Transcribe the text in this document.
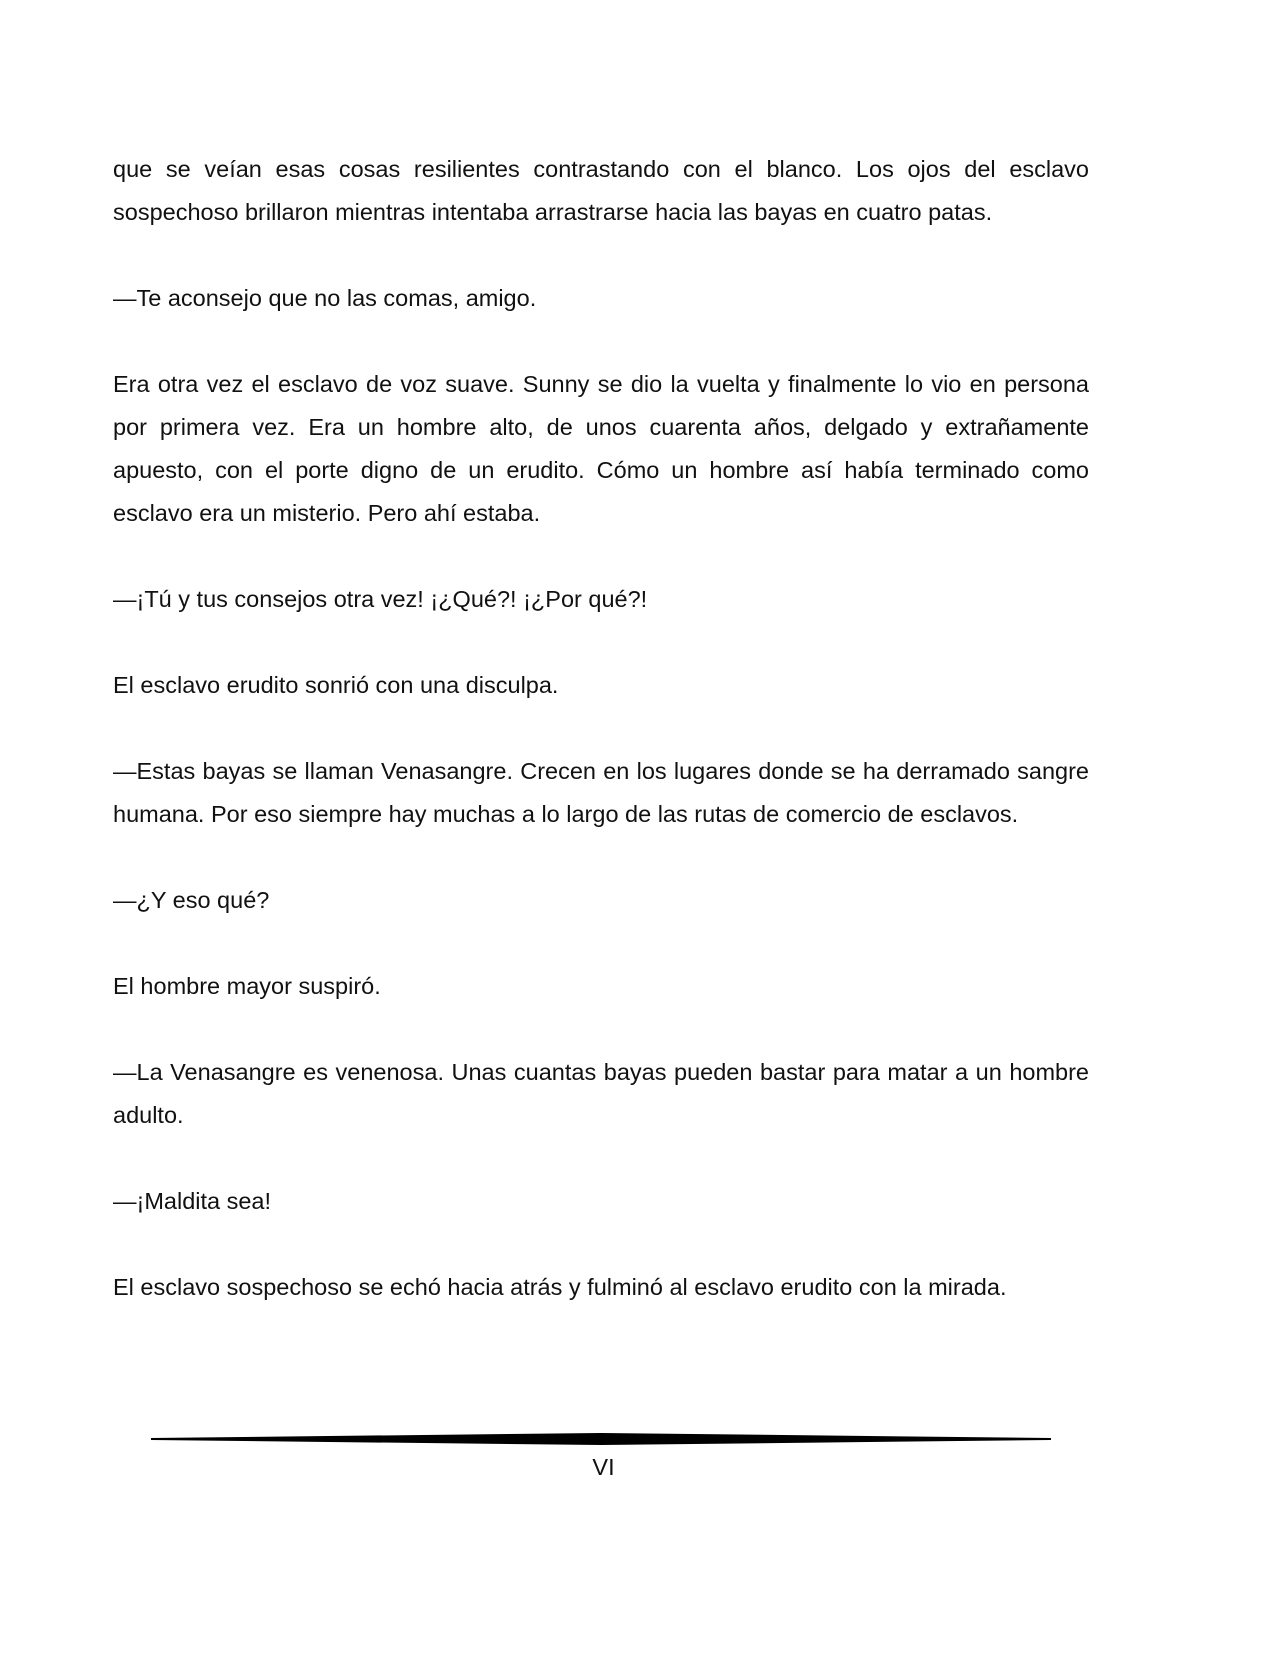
que se veían esas cosas resilientes contrastando con el blanco. Los ojos del esclavo sospechoso brillaron mientras intentaba arrastrarse hacia las bayas en cuatro patas.

—Te aconsejo que no las comas, amigo.

Era otra vez el esclavo de voz suave. Sunny se dio la vuelta y finalmente lo vio en persona por primera vez. Era un hombre alto, de unos cuarenta años, delgado y extrañamente apuesto, con el porte digno de un erudito. Cómo un hombre así había terminado como esclavo era un misterio. Pero ahí estaba.

—¡Tú y tus consejos otra vez! ¡¿Qué?! ¡¿Por qué?!

El esclavo erudito sonrió con una disculpa.

—Estas bayas se llaman Venasangre. Crecen en los lugares donde se ha derramado sangre humana. Por eso siempre hay muchas a lo largo de las rutas de comercio de esclavos.

—¿Y eso qué?

El hombre mayor suspiró.

—La Venasangre es venenosa. Unas cuantas bayas pueden bastar para matar a un hombre adulto.

—¡Maldita sea!

El esclavo sospechoso se echó hacia atrás y fulminó al esclavo erudito con la mirada.

VI
